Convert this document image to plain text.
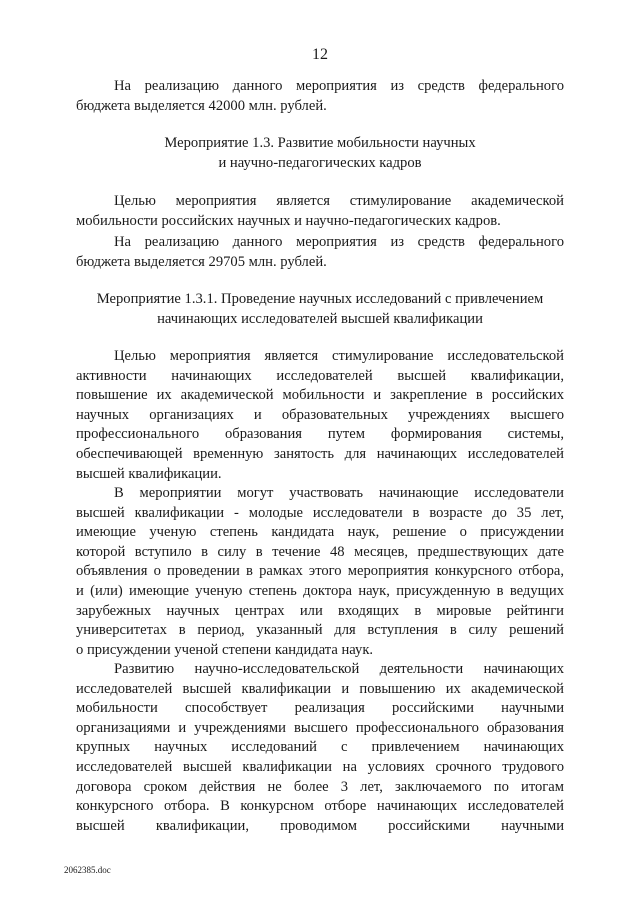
12
На реализацию данного мероприятия из средств федерального
бюджета выделяется 42000 млн. рублей.
Мероприятие 1.3. Развитие мобильности научных
и научно-педагогических кадров
Целью мероприятия является стимулирование академической
мобильности российских научных и научно-педагогических кадров.
На реализацию данного мероприятия из средств федерального
бюджета выделяется 29705 млн. рублей.
Мероприятие 1.3.1. Проведение научных исследований с привлечением
начинающих исследователей высшей квалификации
Целью мероприятия является стимулирование исследовательской
активности начинающих исследователей высшей квалификации,
повышение их академической мобильности и закрепление в российских
научных организациях и образовательных учреждениях высшего
профессионального образования путем формирования системы,
обеспечивающей временную занятость для начинающих исследователей
высшей квалификации.
В мероприятии могут участвовать начинающие исследователи
высшей квалификации - молодые исследователи в возрасте до 35 лет,
имеющие ученую степень кандидата наук, решение о присуждении
которой вступило в силу в течение 48 месяцев, предшествующих дате
объявления о проведении в рамках этого мероприятия конкурсного отбора,
и (или) имеющие ученую степень доктора наук, присужденную в ведущих
зарубежных научных центрах или входящих в мировые рейтинги
университетах в период, указанный для вступления в силу решений
о присуждении ученой степени кандидата наук.
Развитию научно-исследовательской деятельности начинающих
исследователей высшей квалификации и повышению их академической
мобильности способствует реализация российскими научными
организациями и учреждениями высшего профессионального образования
крупных научных исследований с привлечением начинающих
исследователей высшей квалификации на условиях срочного трудового
договора сроком действия не более 3 лет, заключаемого по итогам
конкурсного отбора. В конкурсном отборе начинающих исследователей
высшей квалификации, проводимом российскими научными
2062385.doc
